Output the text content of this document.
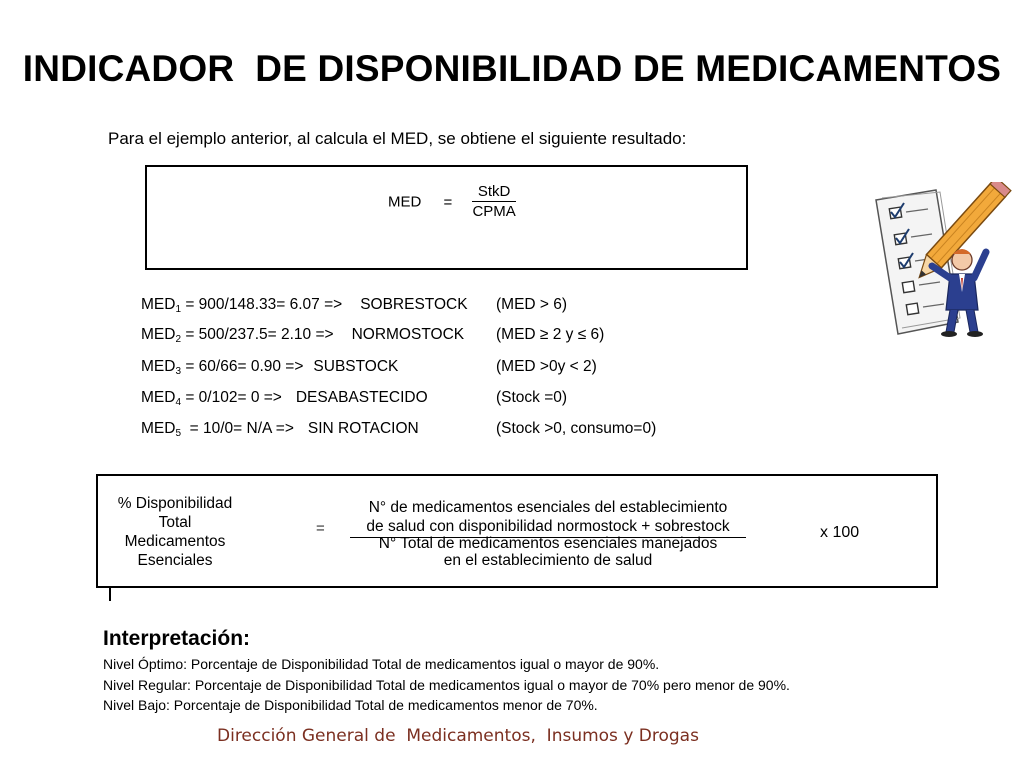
INDICADOR  DE DISPONIBILIDAD DE MEDICAMENTOS
Para el ejemplo anterior, al calcula el MED, se obtiene el siguiente resultado:
MED = $\frac{\text{StkD}}{\text{CPMA}}$
$MED_1 = 900/148.33= 6.07$ => SOBRESTOCK (MED > 6)
$MED_2 = 500/237.5= 2.10$ => NORMOSTOCK (MED ≥ 2 y ≤ 6)
$MED_3 = 60/66= 0.90$ => SUBSTOCK	(MED >0y < 2)
$MED_4 = 0/102= 0$ => DESABASTECIDO	(Stock =0)
$MED_5 = 10/0= N/A$ => SIN ROTACION	(Stock >0, consumo=0)
% Disponibilidad
Total
Medicamentos
Esenciales
=
N° de medicamentos esenciales del establecimiento
de salud con disponibilidad normostock + sobrestock
N° Total de medicamentos esenciales manejados
en el establecimiento de salud
x 100
Interpretación:
Nivel Óptimo: Porcentaje de Disponibilidad Total de medicamentos igual o mayor de 90%.
Nivel Regular: Porcentaje de Disponibilidad Total de medicamentos igual o mayor de 70% pero menor de 90%.
Nivel Bajo: Porcentaje de Disponibilidad Total de medicamentos menor de 70%.
Dirección General de  Medicamentos,  Insumos y Drogas
